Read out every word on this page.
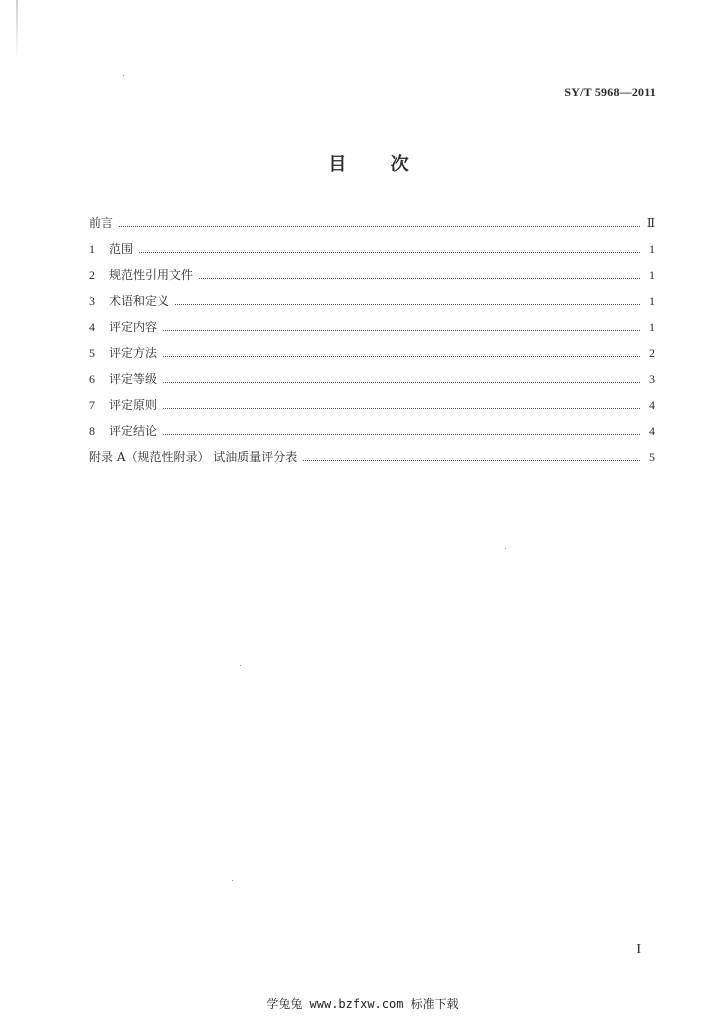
SY/T 5968—2011
目 次
前言	Ⅱ
1	范围	1
2	规范性引用文件	1
3	术语和定义	1
4	评定内容	1
5	评定方法	2
6	评定等级	3
7	评定原则	4
8	评定结论	4
附录 A（规范性附录） 试油质量评分表	5
I
学兔兔 www.bzfxw.com 标准下载
